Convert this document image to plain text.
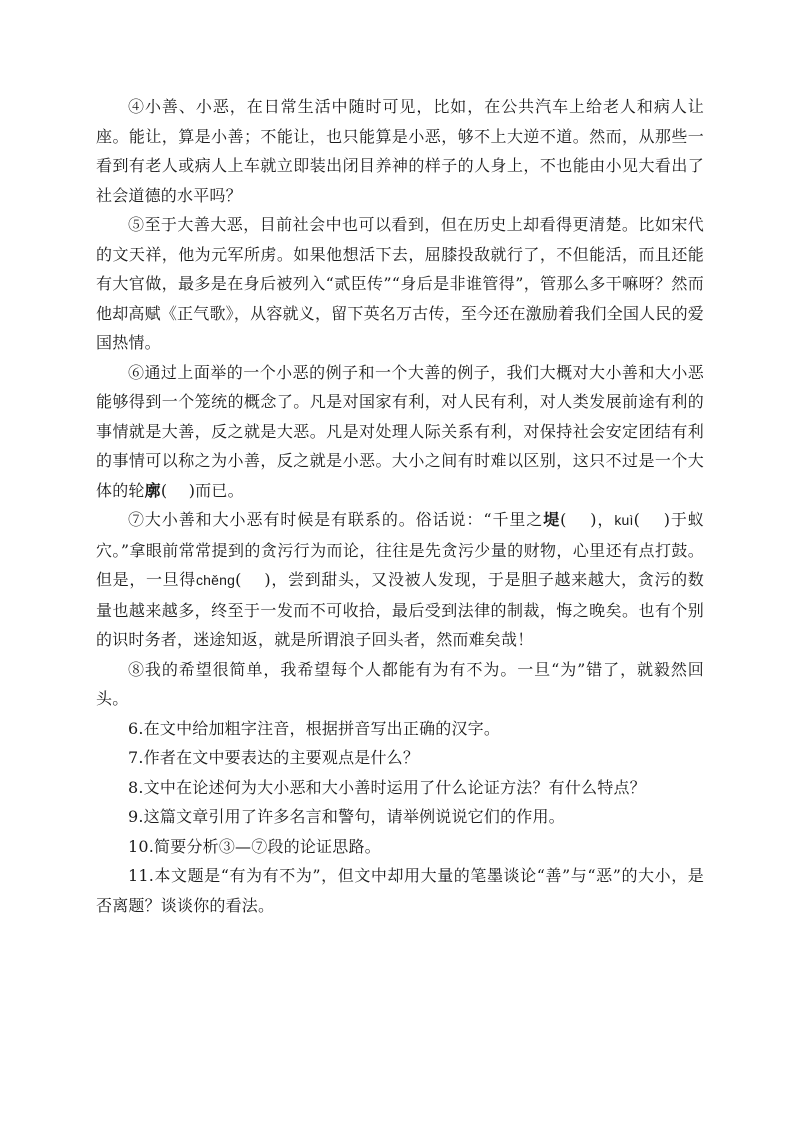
④小善、小恶，在日常生活中随时可见，比如，在公共汽车上给老人和病人让座。能让，算是小善；不能让，也只能算是小恶，够不上大逆不道。然而，从那些一看到有老人或病人上车就立即装出闭目养神的样子的人身上，不也能由小见大看出了社会道德的水平吗？

⑤至于大善大恶，目前社会中也可以看到，但在历史上却看得更清楚。比如宋代的文天祥，他为元军所虏。如果他想活下去，屈膝投敌就行了，不但能活，而且还能有大官做，最多是在身后被列入“贰臣传”“身后是非谁管得”，管那么多干嘛呀？然而他却高赋《正气歌》，从容就义，留下英名万古传，至今还在激励着我们全国人民的爱国热情。

⑥通过上面举的一个小恶的例子和一个大善的例子，我们大概对大小善和大小恶能够得到一个笼统的概念了。凡是对国家有利，对人民有利，对人类发展前途有利的事情就是大善，反之就是大恶。凡是对处理人际关系有利，对保持社会安定团结有利的事情可以称之为小善，反之就是小恶。大小之间有时难以区别，这只不过是一个大体的轮廓(　 )而已。

⑦大小善和大小恶有时候是有联系的。俗话说：“千里之堤(　 )，kuì(　 )于蚁穴。”拿眼前常常提到的贪污行为而论，往往是先贪污少量的财物，心里还有点打鼓。但是，一旦得chěng(　 )，尝到甜头，又没被人发现，于是胆子越来越大，贪污的数量也越来越多，终至于一发而不可收拾，最后受到法律的制裁，悔之晚矣。也有个别的识时务者，迷途知返，就是所谓浪子回头者，然而难矣哉！

⑧我的希望很简单，我希望每个人都能有为有不为。一旦“为”错了，就毅然回头。

6.在文中给加粗字注音，根据拼音写出正确的汉字。

7.作者在文中要表达的主要观点是什么？

8.文中在论述何为大小恶和大小善时运用了什么论证方法？有什么特点？

9.这篇文章引用了许多名言和警句，请举例说说它们的作用。

10.简要分析③—⑦段的论证思路。

11.本文题是“有为有不为”，但文中却用大量的笔墨谈论“善”与“恶”的大小，是否离题？谈谈你的看法。
